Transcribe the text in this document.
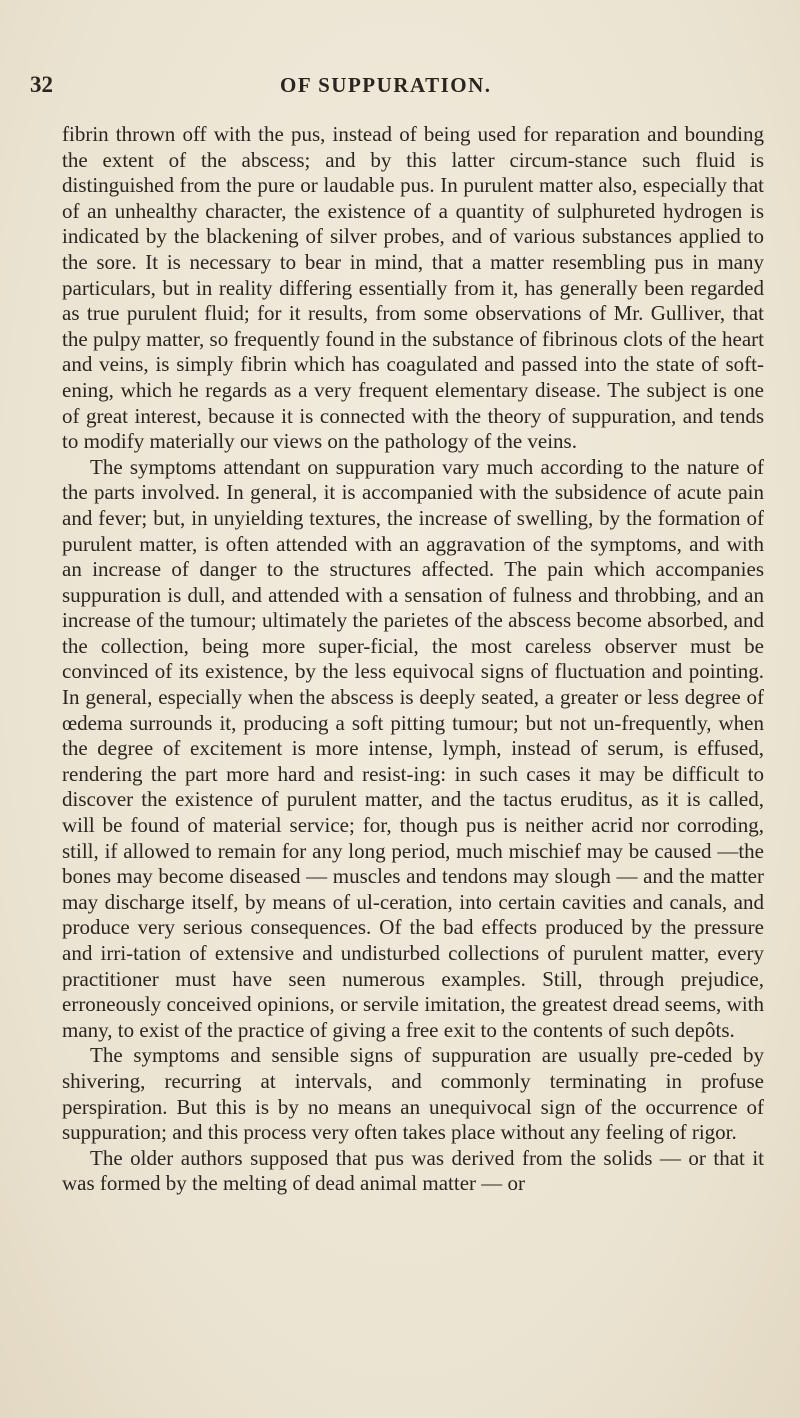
32	OF SUPPURATION.

fibrin thrown off with the pus, instead of being used for reparation and bounding the extent of the abscess; and by this latter circum-stance such fluid is distinguished from the pure or laudable pus. In purulent matter also, especially that of an unhealthy character, the existence of a quantity of sulphureted hydrogen is indicated by the blackening of silver probes, and of various substances applied to the sore. It is necessary to bear in mind, that a matter resembling pus in many particulars, but in reality differing essentially from it, has generally been regarded as true purulent fluid; for it results, from some observations of Mr. Gulliver, that the pulpy matter, so frequently found in the substance of fibrinous clots of the heart and veins, is simply fibrin which has coagulated and passed into the state of soft-ening, which he regards as a very frequent elementary disease. The subject is one of great interest, because it is connected with the theory of suppuration, and tends to modify materially our views on the pathology of the veins.

The symptoms attendant on suppuration vary much according to the nature of the parts involved. In general, it is accompanied with the subsidence of acute pain and fever; but, in unyielding textures, the increase of swelling, by the formation of purulent matter, is often attended with an aggravation of the symptoms, and with an increase of danger to the structures affected. The pain which accompanies suppuration is dull, and attended with a sensation of fulness and throbbing, and an increase of the tumour; ultimately the parietes of the abscess become absorbed, and the collection, being more super-ficial, the most careless observer must be convinced of its existence, by the less equivocal signs of fluctuation and pointing. In general, especially when the abscess is deeply seated, a greater or less degree of œdema surrounds it, producing a soft pitting tumour; but not un-frequently, when the degree of excitement is more intense, lymph, instead of serum, is effused, rendering the part more hard and resist-ing: in such cases it may be difficult to discover the existence of purulent matter, and the tactus eruditus, as it is called, will be found of material service; for, though pus is neither acrid nor corroding, still, if allowed to remain for any long period, much mischief may be caused —the bones may become diseased — muscles and tendons may slough — and the matter may discharge itself, by means of ul-ceration, into certain cavities and canals, and produce very serious consequences. Of the bad effects produced by the pressure and irri-tation of extensive and undisturbed collections of purulent matter, every practitioner must have seen numerous examples. Still, through prejudice, erroneously conceived opinions, or servile imitation, the greatest dread seems, with many, to exist of the practice of giving a free exit to the contents of such depôts.

The symptoms and sensible signs of suppuration are usually pre-ceded by shivering, recurring at intervals, and commonly terminating in profuse perspiration. But this is by no means an unequivocal sign of the occurrence of suppuration; and this process very often takes place without any feeling of rigor.

The older authors supposed that pus was derived from the solids — or that it was formed by the melting of dead animal matter — or
